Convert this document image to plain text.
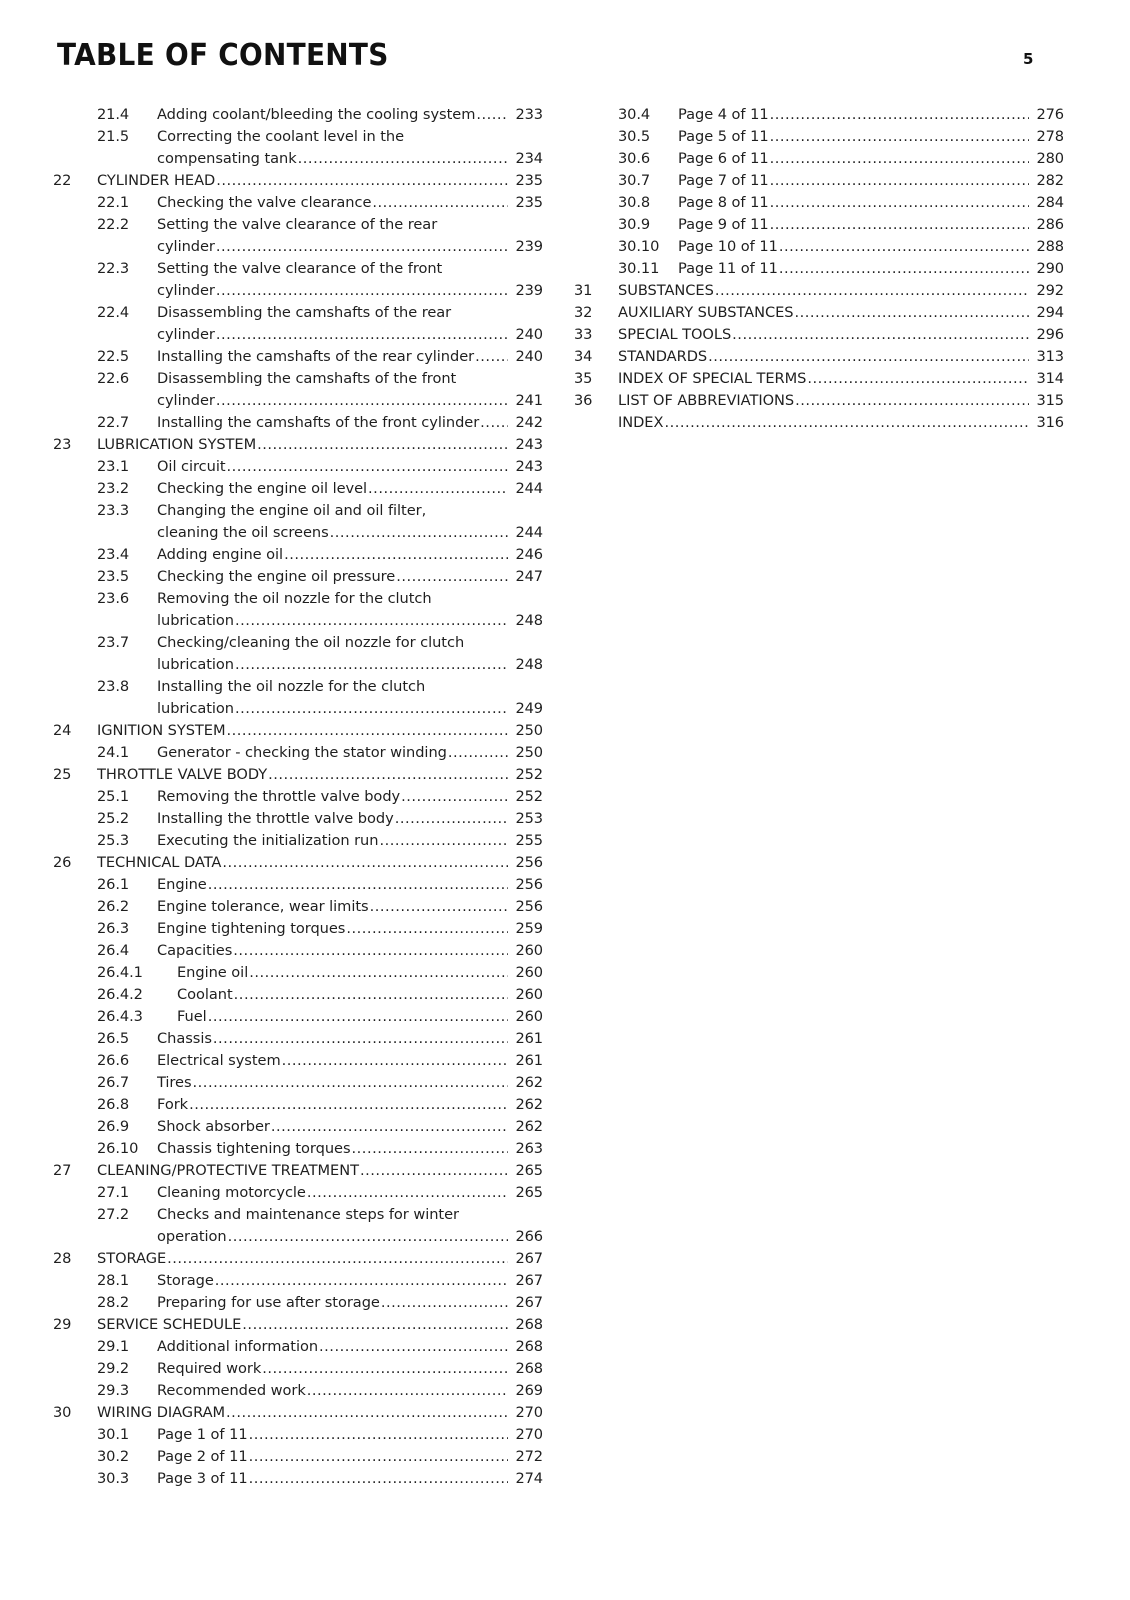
TABLE OF CONTENTS	5
21.4 Adding coolant/bleeding the cooling system .....	233
21.5 Correcting the coolant level in the
compensating tank .....	234
22 CYLINDER HEAD .....	235
22.1 Checking the valve clearance .....	235
22.2 Setting the valve clearance of the rear
cylinder .....	239
22.3 Setting the valve clearance of the front
cylinder .....	239
22.4 Disassembling the camshafts of the rear
cylinder .....	240
22.5 Installing the camshafts of the rear cylinder .....	240
22.6 Disassembling the camshafts of the front
cylinder .....	241
22.7 Installing the camshafts of the front cylinder .....	242
23 LUBRICATION SYSTEM .....	243
23.1 Oil circuit .....	243
23.2 Checking the engine oil level .....	244
23.3 Changing the engine oil and oil filter,
cleaning the oil screens .....	244
23.4 Adding engine oil .....	246
23.5 Checking the engine oil pressure .....	247
23.6 Removing the oil nozzle for the clutch
lubrication .....	248
23.7 Checking/cleaning the oil nozzle for clutch
lubrication .....	248
23.8 Installing the oil nozzle for the clutch
lubrication .....	249
24 IGNITION SYSTEM .....	250
24.1 Generator - checking the stator winding .....	250
25 THROTTLE VALVE BODY .....	252
25.1 Removing the throttle valve body .....	252
25.2 Installing the throttle valve body .....	253
25.3 Executing the initialization run .....	255
26 TECHNICAL DATA .....	256
26.1 Engine .....	256
26.2 Engine tolerance, wear limits .....	256
26.3 Engine tightening torques .....	259
26.4 Capacities .....	260
26.4.1 Engine oil .....	260
26.4.2 Coolant .....	260
26.4.3 Fuel .....	260
26.5 Chassis .....	261
26.6 Electrical system .....	261
26.7 Tires .....	262
26.8 Fork .....	262
26.9 Shock absorber .....	262
26.10 Chassis tightening torques .....	263
27 CLEANING/PROTECTIVE TREATMENT .....	265
27.1 Cleaning motorcycle .....	265
27.2 Checks and maintenance steps for winter
operation .....	266
28 STORAGE .....	267
28.1 Storage .....	267
28.2 Preparing for use after storage .....	267
29 SERVICE SCHEDULE .....	268
29.1 Additional information .....	268
29.2 Required work .....	268
29.3 Recommended work .....	269
30 WIRING DIAGRAM .....	270
30.1 Page 1 of 11 .....	270
30.2 Page 2 of 11 .....	272
30.3 Page 3 of 11 .....	274
30.4 Page 4 of 11 .....	276
30.5 Page 5 of 11 .....	278
30.6 Page 6 of 11 .....	280
30.7 Page 7 of 11 .....	282
30.8 Page 8 of 11 .....	284
30.9 Page 9 of 11 .....	286
30.10 Page 10 of 11 .....	288
30.11 Page 11 of 11 .....	290
31 SUBSTANCES .....	292
32 AUXILIARY SUBSTANCES .....	294
33 SPECIAL TOOLS .....	296
34 STANDARDS .....	313
35 INDEX OF SPECIAL TERMS .....	314
36 LIST OF ABBREVIATIONS .....	315
INDEX .....	316
